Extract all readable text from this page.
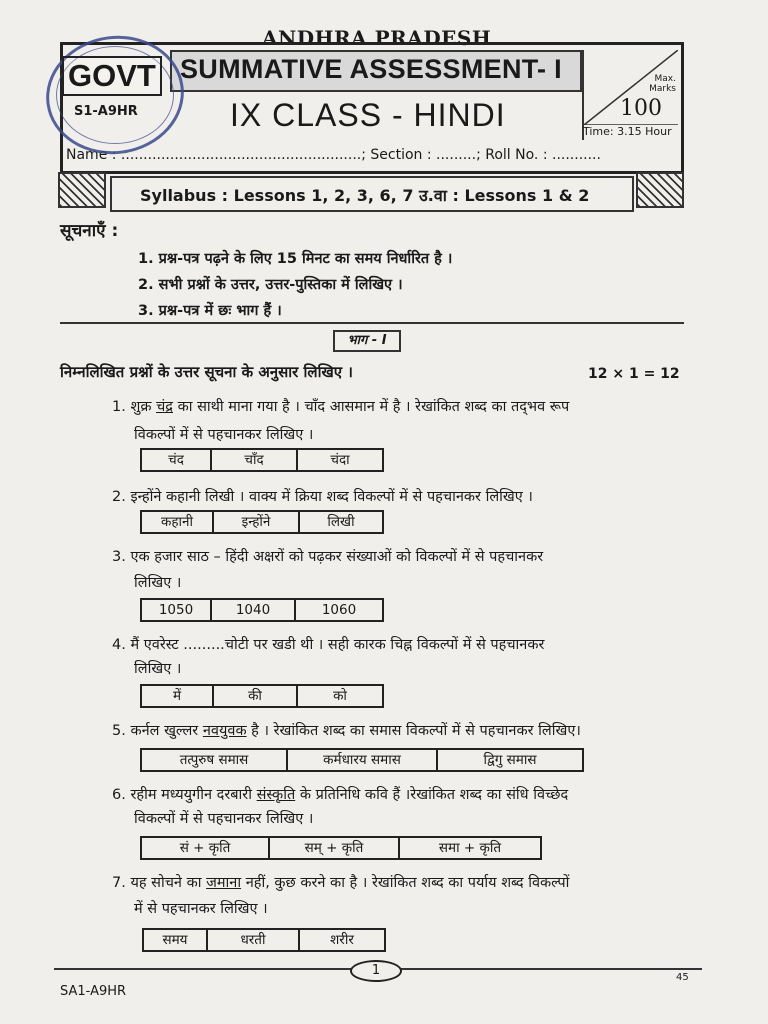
ANDHRA PRADESH
SUMMATIVE ASSESSMENT- I
IX CLASS - HINDI
Max.
Marks
100
Time: 3.15 Hour
Name : ......................................................; Section : .........; Roll No. : ...........
GOVT
S1-A9HR
Syllabus : Lessons 1, 2, 3, 6, 7 उ.वा : Lessons 1 & 2
सूचनाएँ :
1. प्रश्न-पत्र पढ़ने के लिए 15 मिनट का समय निर्धारित है ।
2. सभी प्रश्नों के उत्तर, उत्तर-पुस्तिका में लिखिए ।
3. प्रश्न-पत्र में छः भाग हैं ।
भाग - I
निम्नलिखित प्रश्नों के उत्तर सूचना के अनुसार लिखिए ।	12 × 1 = 12
1. शुक्र चंद्र का साथी माना गया है । चाँद आसमान में है । रेखांकित शब्द का तद्‌भव रूप
विकल्पों में से पहचानकर लिखिए ।
चंद	चाँद	चंदा
2. इन्होंने कहानी लिखी । वाक्य में क्रिया शब्द विकल्पों में से पहचानकर लिखिए ।
कहानी	इन्होंने	लिखी
3. एक हजार साठ – हिंदी अक्षरों को पढ़कर संख्याओं को विकल्पों में से पहचानकर
लिखिए ।
1050	1040	1060
4. मैं एवरेस्ट .........चोटी पर खडी थी । सही कारक चिह्न विकल्पों में से पहचानकर
लिखिए ।
में	की	को
5. कर्नल खुल्लर नवयुवक है । रेखांकित शब्द का समास विकल्पों में से पहचानकर लिखिए।
तत्पुरुष समास	कर्मधारय समास	द्विगु समास
6. रहीम मध्ययुगीन दरबारी संस्कृति के प्रतिनिधि कवि हैं ।रेखांकित शब्द का संधि विच्छेद
विकल्पों में से पहचानकर लिखिए ।
सं + कृति	सम्‌ + कृति	समा + कृति
7. यह सोचने का जमाना नहीं, कुछ करने का है । रेखांकित शब्द का पर्याय शब्द विकल्पों
में से पहचानकर लिखिए ।
समय	धरती	शरीर
1
SA1-A9HR
45
